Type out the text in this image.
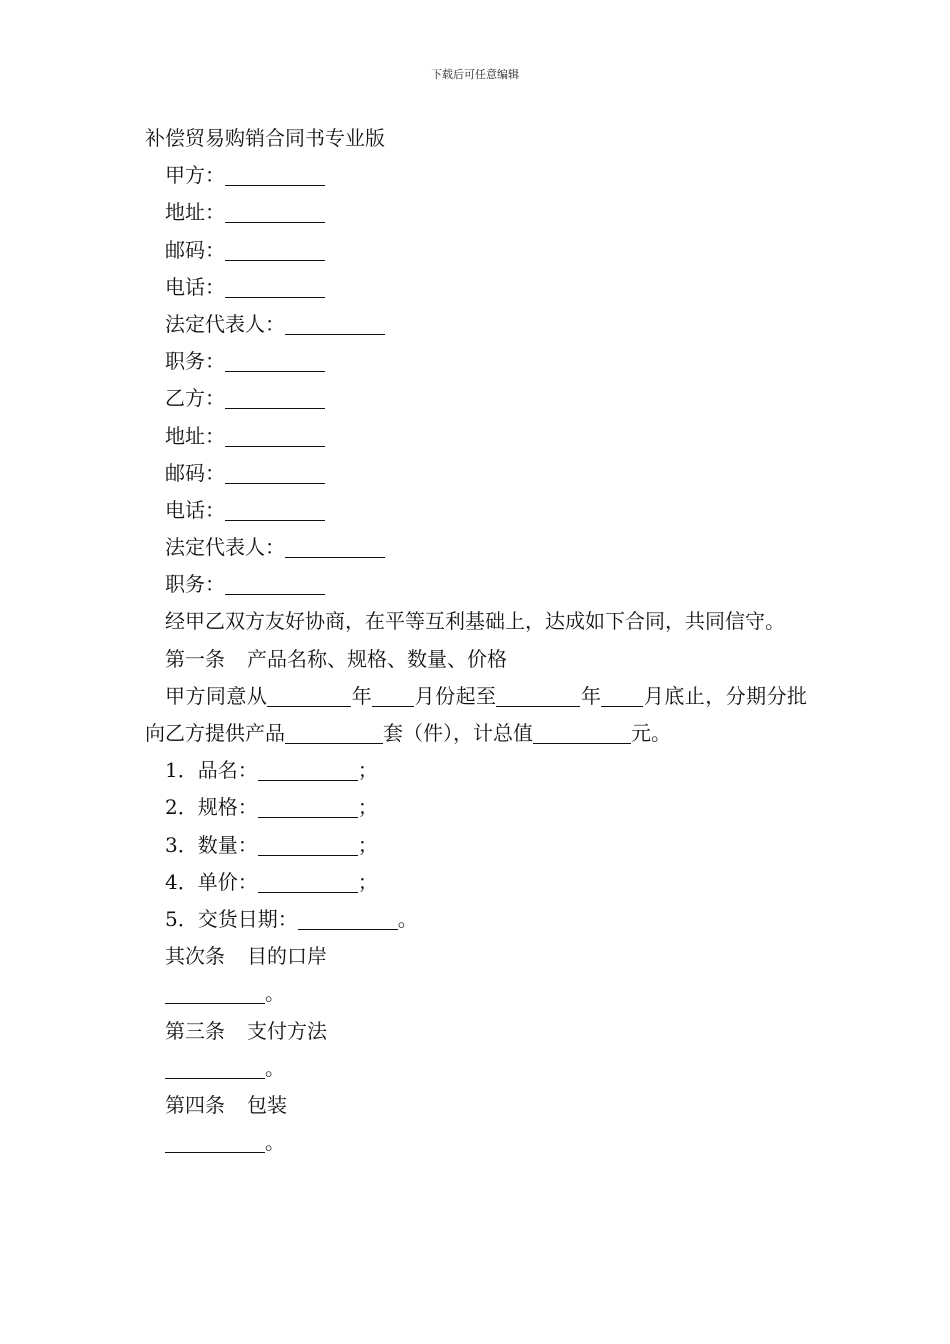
下载后可任意编辑
补偿贸易购销合同书专业版
甲方：
地址：
邮码：
电话：
法定代表人：
职务：
乙方：
地址：
邮码：
电话：
法定代表人：
职务：
经甲乙双方友好协商，在平等互利基础上，达成如下合同，共同信守。
第一条 产品名称、规格、数量、价格
甲方同意从	年 月份起至	年 月底止，分期分批向乙方提供产品	套（件），计总值	元。
1．品名：	；
2．规格：	；
3．数量：	；
4．单价：	；
5．交货日期：	。
其次条 目的口岸
。
第三条 支付方法
。
第四条 包装
。
